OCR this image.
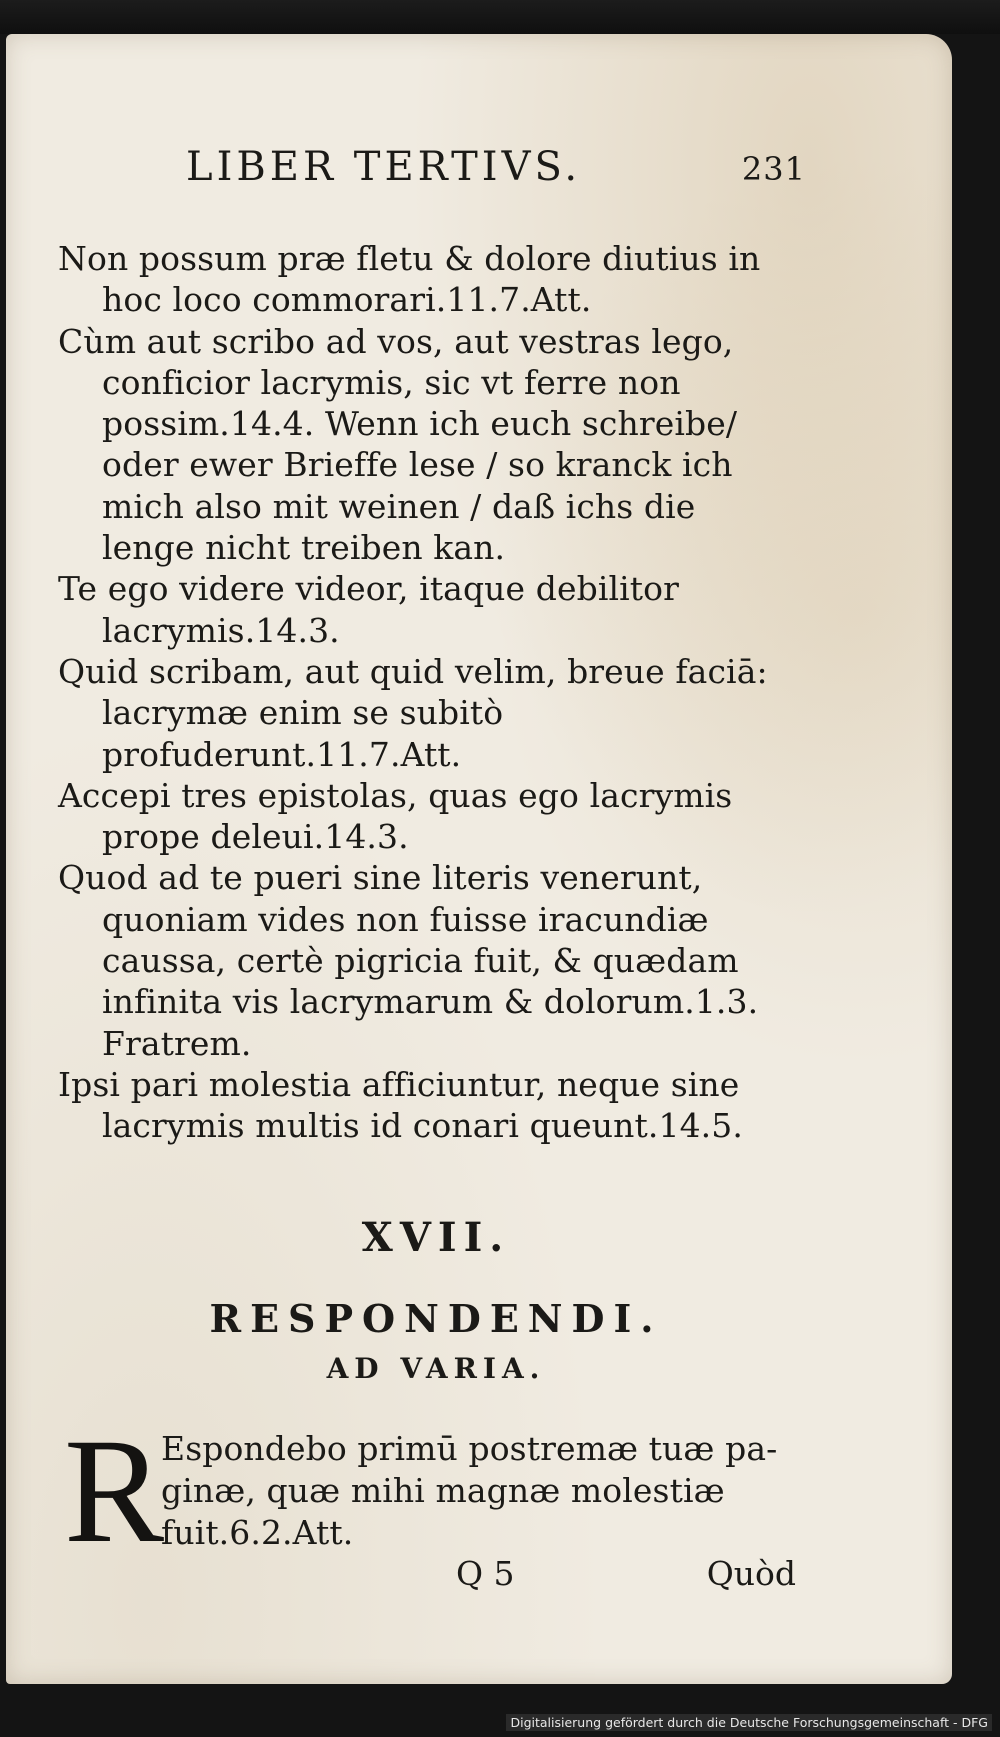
LIBER TERTIVS.	231

Non possum præ fletu & dolore diutius in hoc loco commorari.11.7.Att.

Cùm aut scribo ad vos, aut vestras lego, conficior lacrymis, sic vt ferre non possim.14.4. Wenn ich euch schreibe/ oder ewer Brieffe lese / so kranck ich mich also mit weinen / daß ichs die lenge nicht treiben kan.

Te ego videre videor, itaque debilitor lacrymis.14.3.

Quid scribam, aut quid velim, breue faciā: lacrymæ enim se subitò profuderunt.11.7.Att.

Accepi tres epistolas, quas ego lacrymis prope deleui.14.3.

Quod ad te pueri sine literis venerunt, quoniam vides non fuisse iracundiæ caussa, certè pigricia fuit, & quædam infinita vis lacrymarum & dolorum.1.3. Fratrem.

Ipsi pari molestia afficiuntur, neque sine lacrymis multis id conari queunt.14.5.

XVII.
RESPONDENDI.
AD VARIA.
R
Espondebo primū postremæ tuæ pa-
ginæ, quæ mihi magnæ molestiæ fuit.6.2.Att.
Q 5	Quòd
Digitalisierung gefördert durch die Deutsche Forschungsgemeinschaft - DFG
